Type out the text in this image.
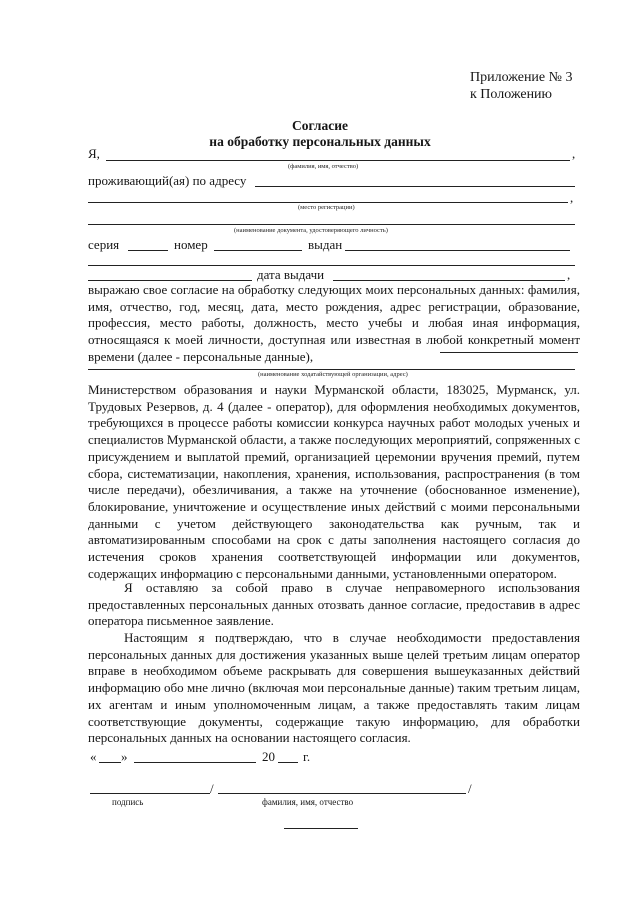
Приложение № 3
к Положению
Согласие
на обработку персональных данных
Я,	,
(фамилия, имя, отчество)
проживающий(ая) по адресу
,
(место регистрации)
(наименование документа, удостоверяющего личность)
серия	номер	выдан
дата выдачи	,
выражаю свое согласие на обработку следующих моих персональных данных: фамилия, имя, отчество, год, месяц, дата, место рождения, адрес регистрации, образование, профессия, место работы, должность, место учебы и любая иная информация, относящаяся к моей личности, доступная или известная в любой конкретный момент времени (далее - персональные данные),
(наименование ходатайствующей организации, адрес)
Министерством образования и науки Мурманской области, 183025, Мурманск, ул. Трудовых Резервов, д. 4 (далее - оператор), для оформления необходимых документов, требующихся в процессе работы комиссии конкурса научных работ молодых ученых и специалистов Мурманской области, а также последующих мероприятий, сопряженных с присуждением и выплатой премий, организацией церемонии вручения премий, путем сбора, систематизации, накопления, хранения, использования, распространения (в том числе передачи), обезличивания, а также на уточнение (обоснованное изменение), блокирование, уничтожение и осуществление иных действий с моими персональными данными с учетом действующего законодательства как ручным, так и автоматизированным способами на срок с даты заполнения настоящего согласия до истечения сроков хранения соответствующей информации или документов, содержащих информацию с персональными данными, установленными оператором.
Я оставляю за собой право в случае неправомерного использования предоставленных персональных данных отозвать данное согласие, предоставив в адрес оператора письменное заявление.
Настоящим я подтверждаю, что в случае необходимости предоставления персональных данных для достижения указанных выше целей третьим лицам оператор вправе в необходимом объеме раскрывать для совершения вышеуказанных действий информацию обо мне лично (включая мои персональные данные) таким третьим лицам, их агентам и иным уполномоченным лицам, а также предоставлять таким лицам соответствующие документы, содержащие такую информацию, для обработки персональных данных на основании настоящего согласия.
« »	20 г.
/	/
подпись	фамилия, имя, отчество
